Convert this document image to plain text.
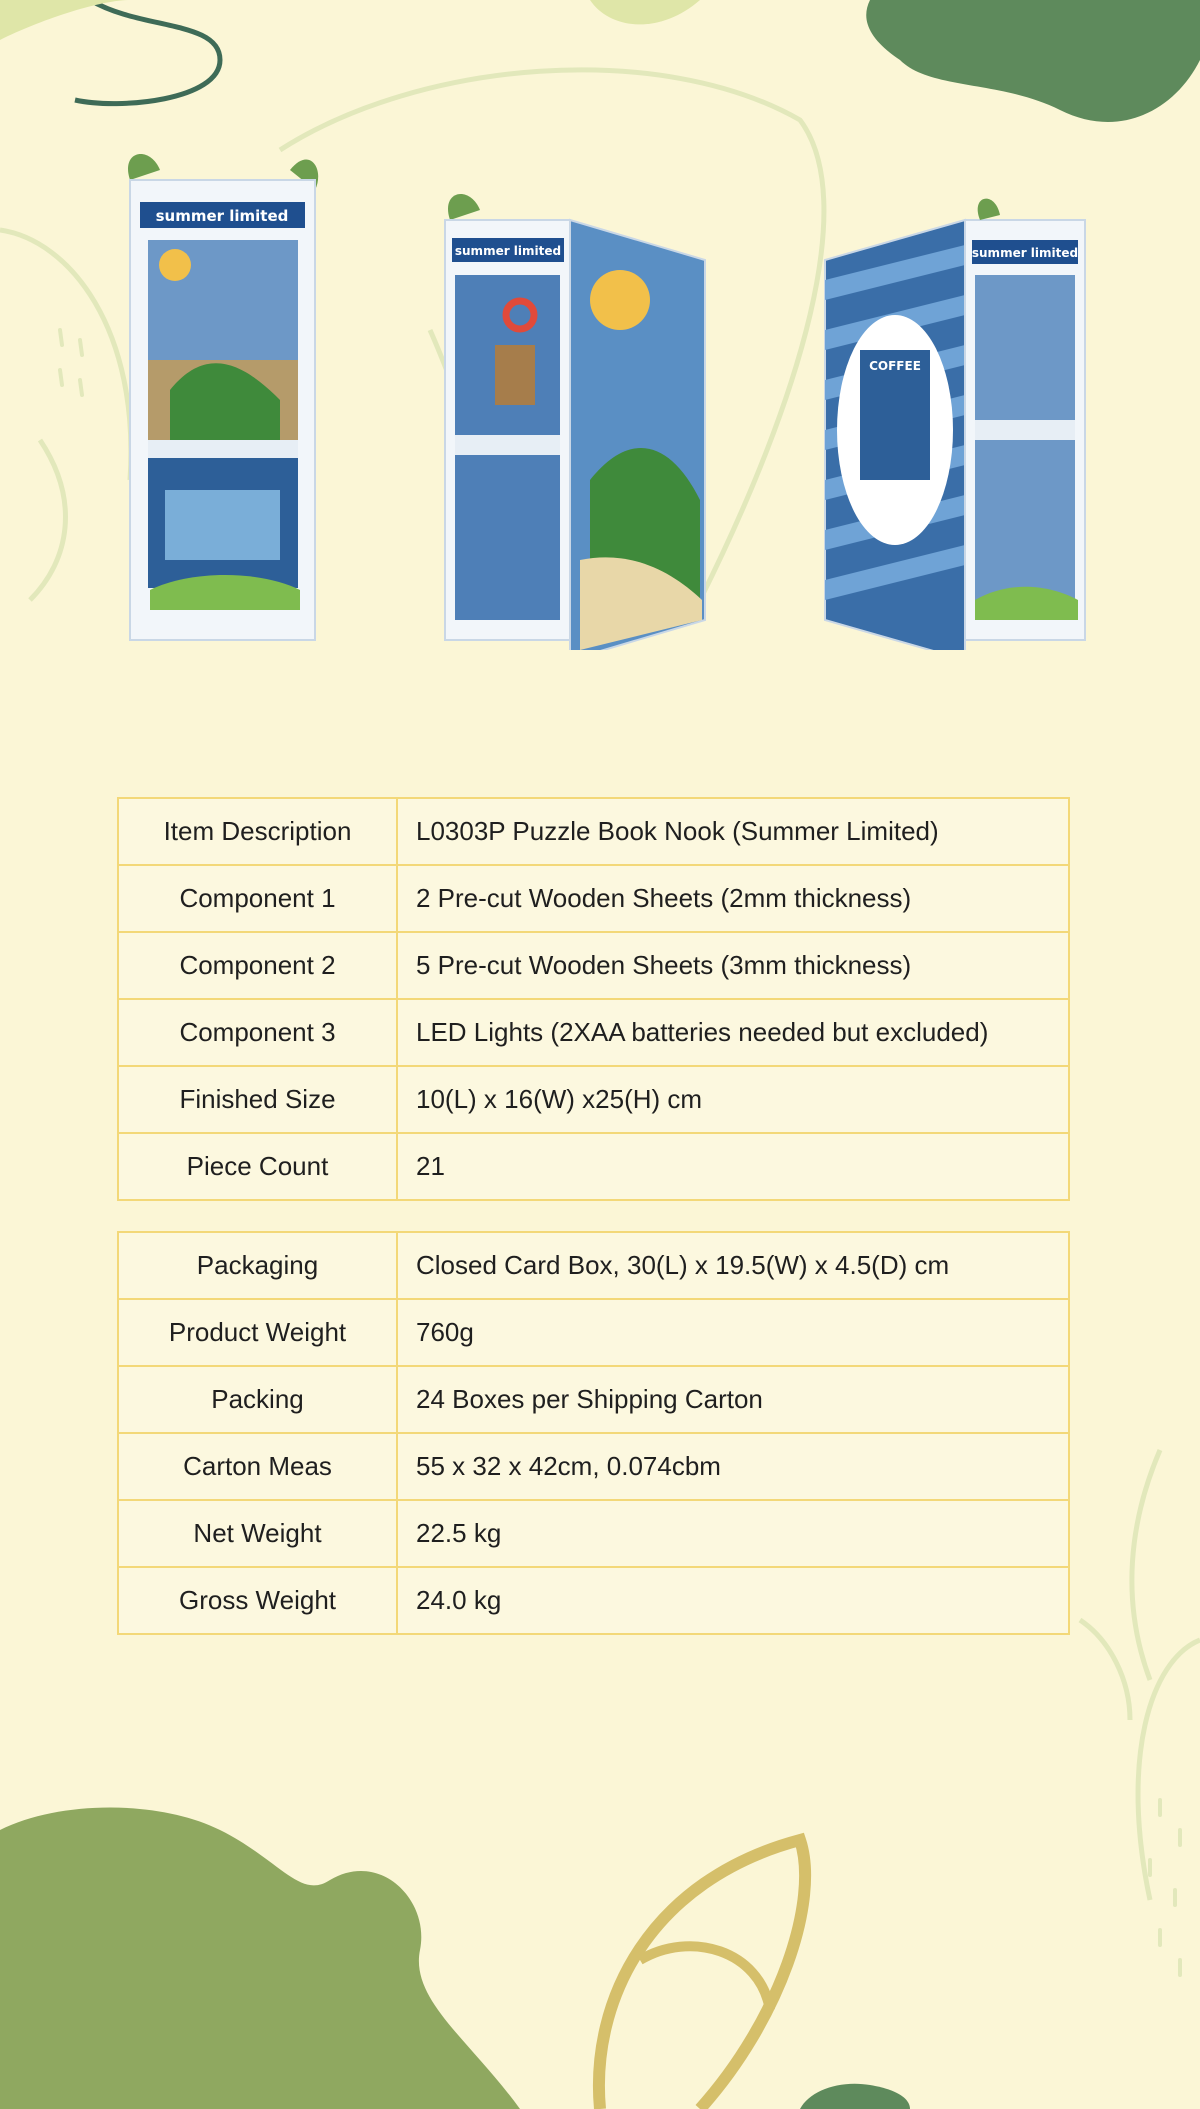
summer limited
summer limited
COFFEE
summer limited
Item Description	L0303P Puzzle Book Nook (Summer Limited)
Component 1	2 Pre-cut Wooden Sheets (2mm thickness)
Component 2	5 Pre-cut Wooden Sheets (3mm thickness)
Component 3	LED Lights (2XAA batteries needed but excluded)
Finished Size	10(L) x 16(W) x25(H) cm
Piece Count	21
Packaging	Closed Card Box, 30(L) x 19.5(W) x 4.5(D) cm
Product Weight	760g
Packing	24 Boxes per Shipping Carton
Carton Meas	55 x 32 x 42cm, 0.074cbm
Net Weight	22.5 kg
Gross Weight	24.0 kg
